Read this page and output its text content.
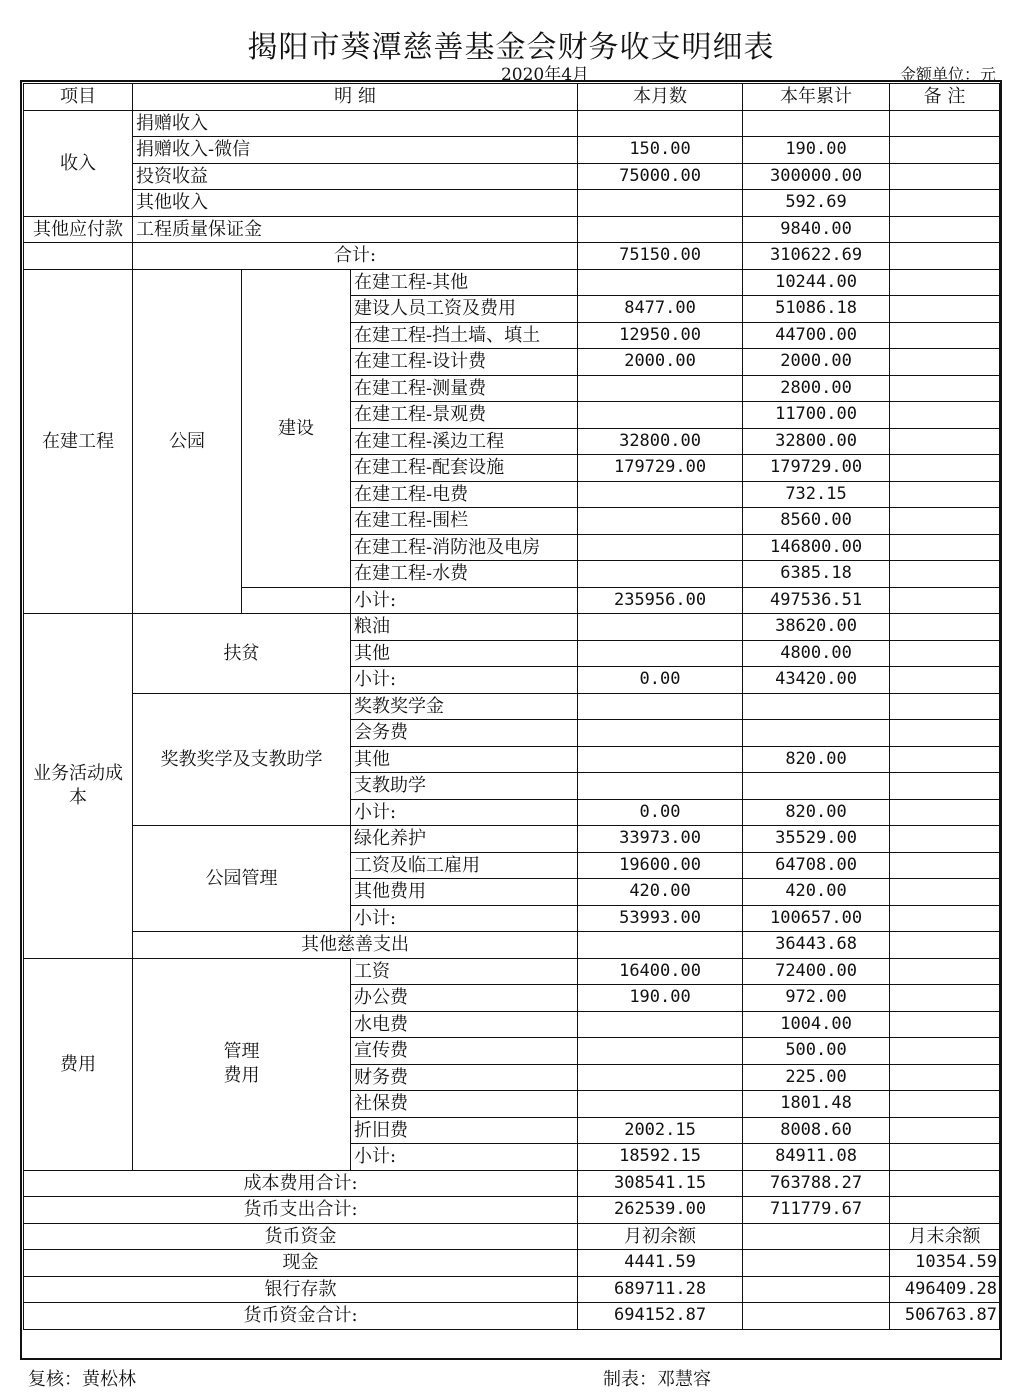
揭阳市葵潭慈善基金会财务收支明细表
2020年4月	金额单位：元
项目	明 细			本月数	本年累计	备 注
收入	捐赠收入					
	捐赠收入-微信			150.00	190.00	
	投资收益			75000.00	300000.00	
	其他收入				592.69	
其他应付款	工程质量保证金				9840.00	
	合计:			75150.00	310622.69	
在建工程	公园	建设	在建工程-其他		10244.00	
			建设人员工资及费用	8477.00	51086.18	
			在建工程-挡土墙、填土	12950.00	44700.00	
			在建工程-设计费	2000.00	2000.00	
			在建工程-测量费		2800.00	
			在建工程-景观费		11700.00	
			在建工程-溪边工程	32800.00	32800.00	
			在建工程-配套设施	179729.00	179729.00	
			在建工程-电费		732.15	
			在建工程-围栏		8560.00	
			在建工程-消防池及电房		146800.00	
			在建工程-水费		6385.18	
			小计:	235956.00	497536.51	
业务活动成本	扶贫		粮油		38620.00	
			其他		4800.00	
			小计:	0.00	43420.00	
	奖教奖学及支教助学		奖教奖学金			
			会务费			
			其他		820.00	
			支教助学			
			小计:	0.00	820.00	
	公园管理		绿化养护	33973.00	35529.00	
			工资及临工雇用	19600.00	64708.00	
			其他费用	420.00	420.00	
			小计:	53993.00	100657.00	
	其他慈善支出				36443.68	
费用	管理费用		工资	16400.00	72400.00	
			办公费	190.00	972.00	
			水电费		1004.00	
			宣传费		500.00	
			财务费		225.00	
			社保费		1801.48	
			折旧费	2002.15	8008.60	
			小计:	18592.15	84911.08	
成本费用合计:				308541.15	763788.27	
货币支出合计:				262539.00	711779.67	
货币资金				月初余额		月末余额
现金				4441.59		10354.59
银行存款				689711.28		496409.28
货币资金合计:				694152.87		506763.87
复核：黄松林	制表：邓慧容
